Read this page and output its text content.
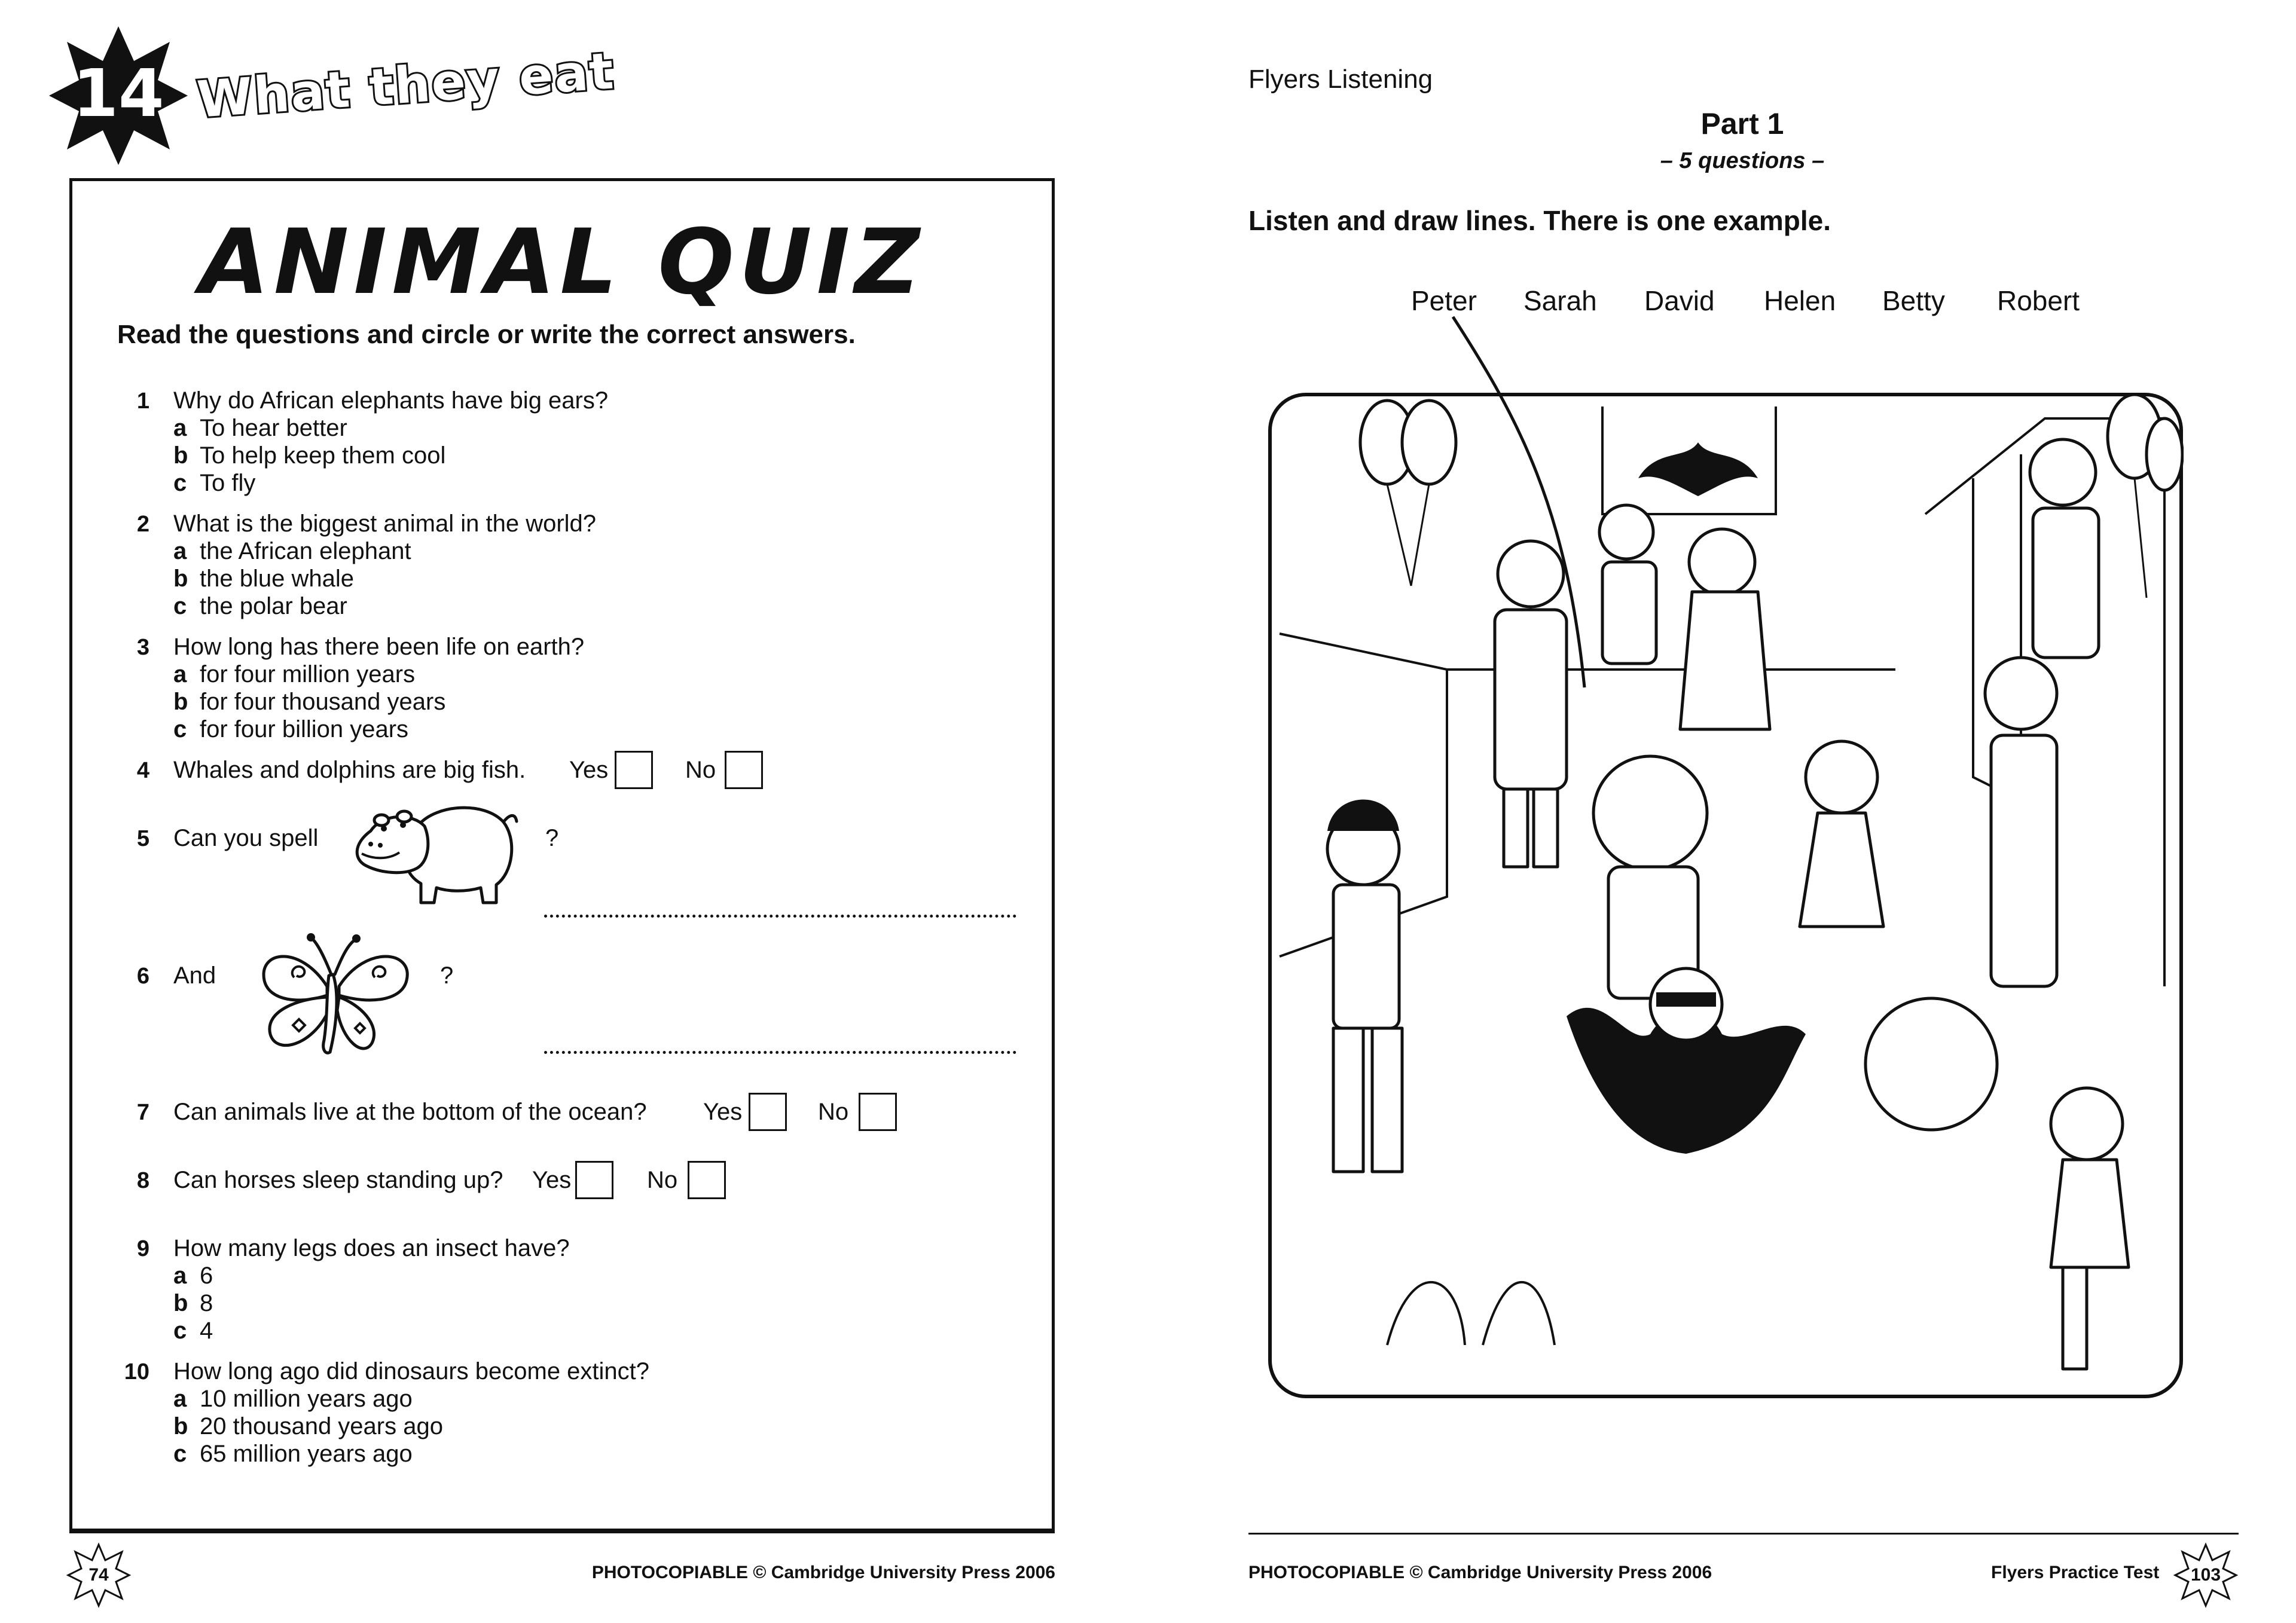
14 What they eat
ANIMAL QUIZ
Read the questions and circle or write the correct answers.
1 Why do African elephants have big ears?
a To hear better
b To help keep them cool
c To fly
2 What is the biggest animal in the world?
a the African elephant
b the blue whale
c the polar bear
3 How long has there been life on earth?
a for four million years
b for four thousand years
c for four billion years
4 Whales and dolphins are big fish. Yes	No
5 Can you spell	?
6 And	?
7 Can animals live at the bottom of the ocean? Yes	No
8 Can horses sleep standing up? Yes	No
9 How many legs does an insect have?
a 6
b 8
c 4
10 How long ago did dinosaurs become extinct?
a 10 million years ago
b 20 thousand years ago
c 65 million years ago
74	PHOTOCOPIABLE © Cambridge University Press 2006
Flyers Listening
Part 1
– 5 questions –
Listen and draw lines. There is one example.
Peter Sarah David Helen Betty Robert
PHOTOCOPIABLE © Cambridge University Press 2006	Flyers Practice Test	103
